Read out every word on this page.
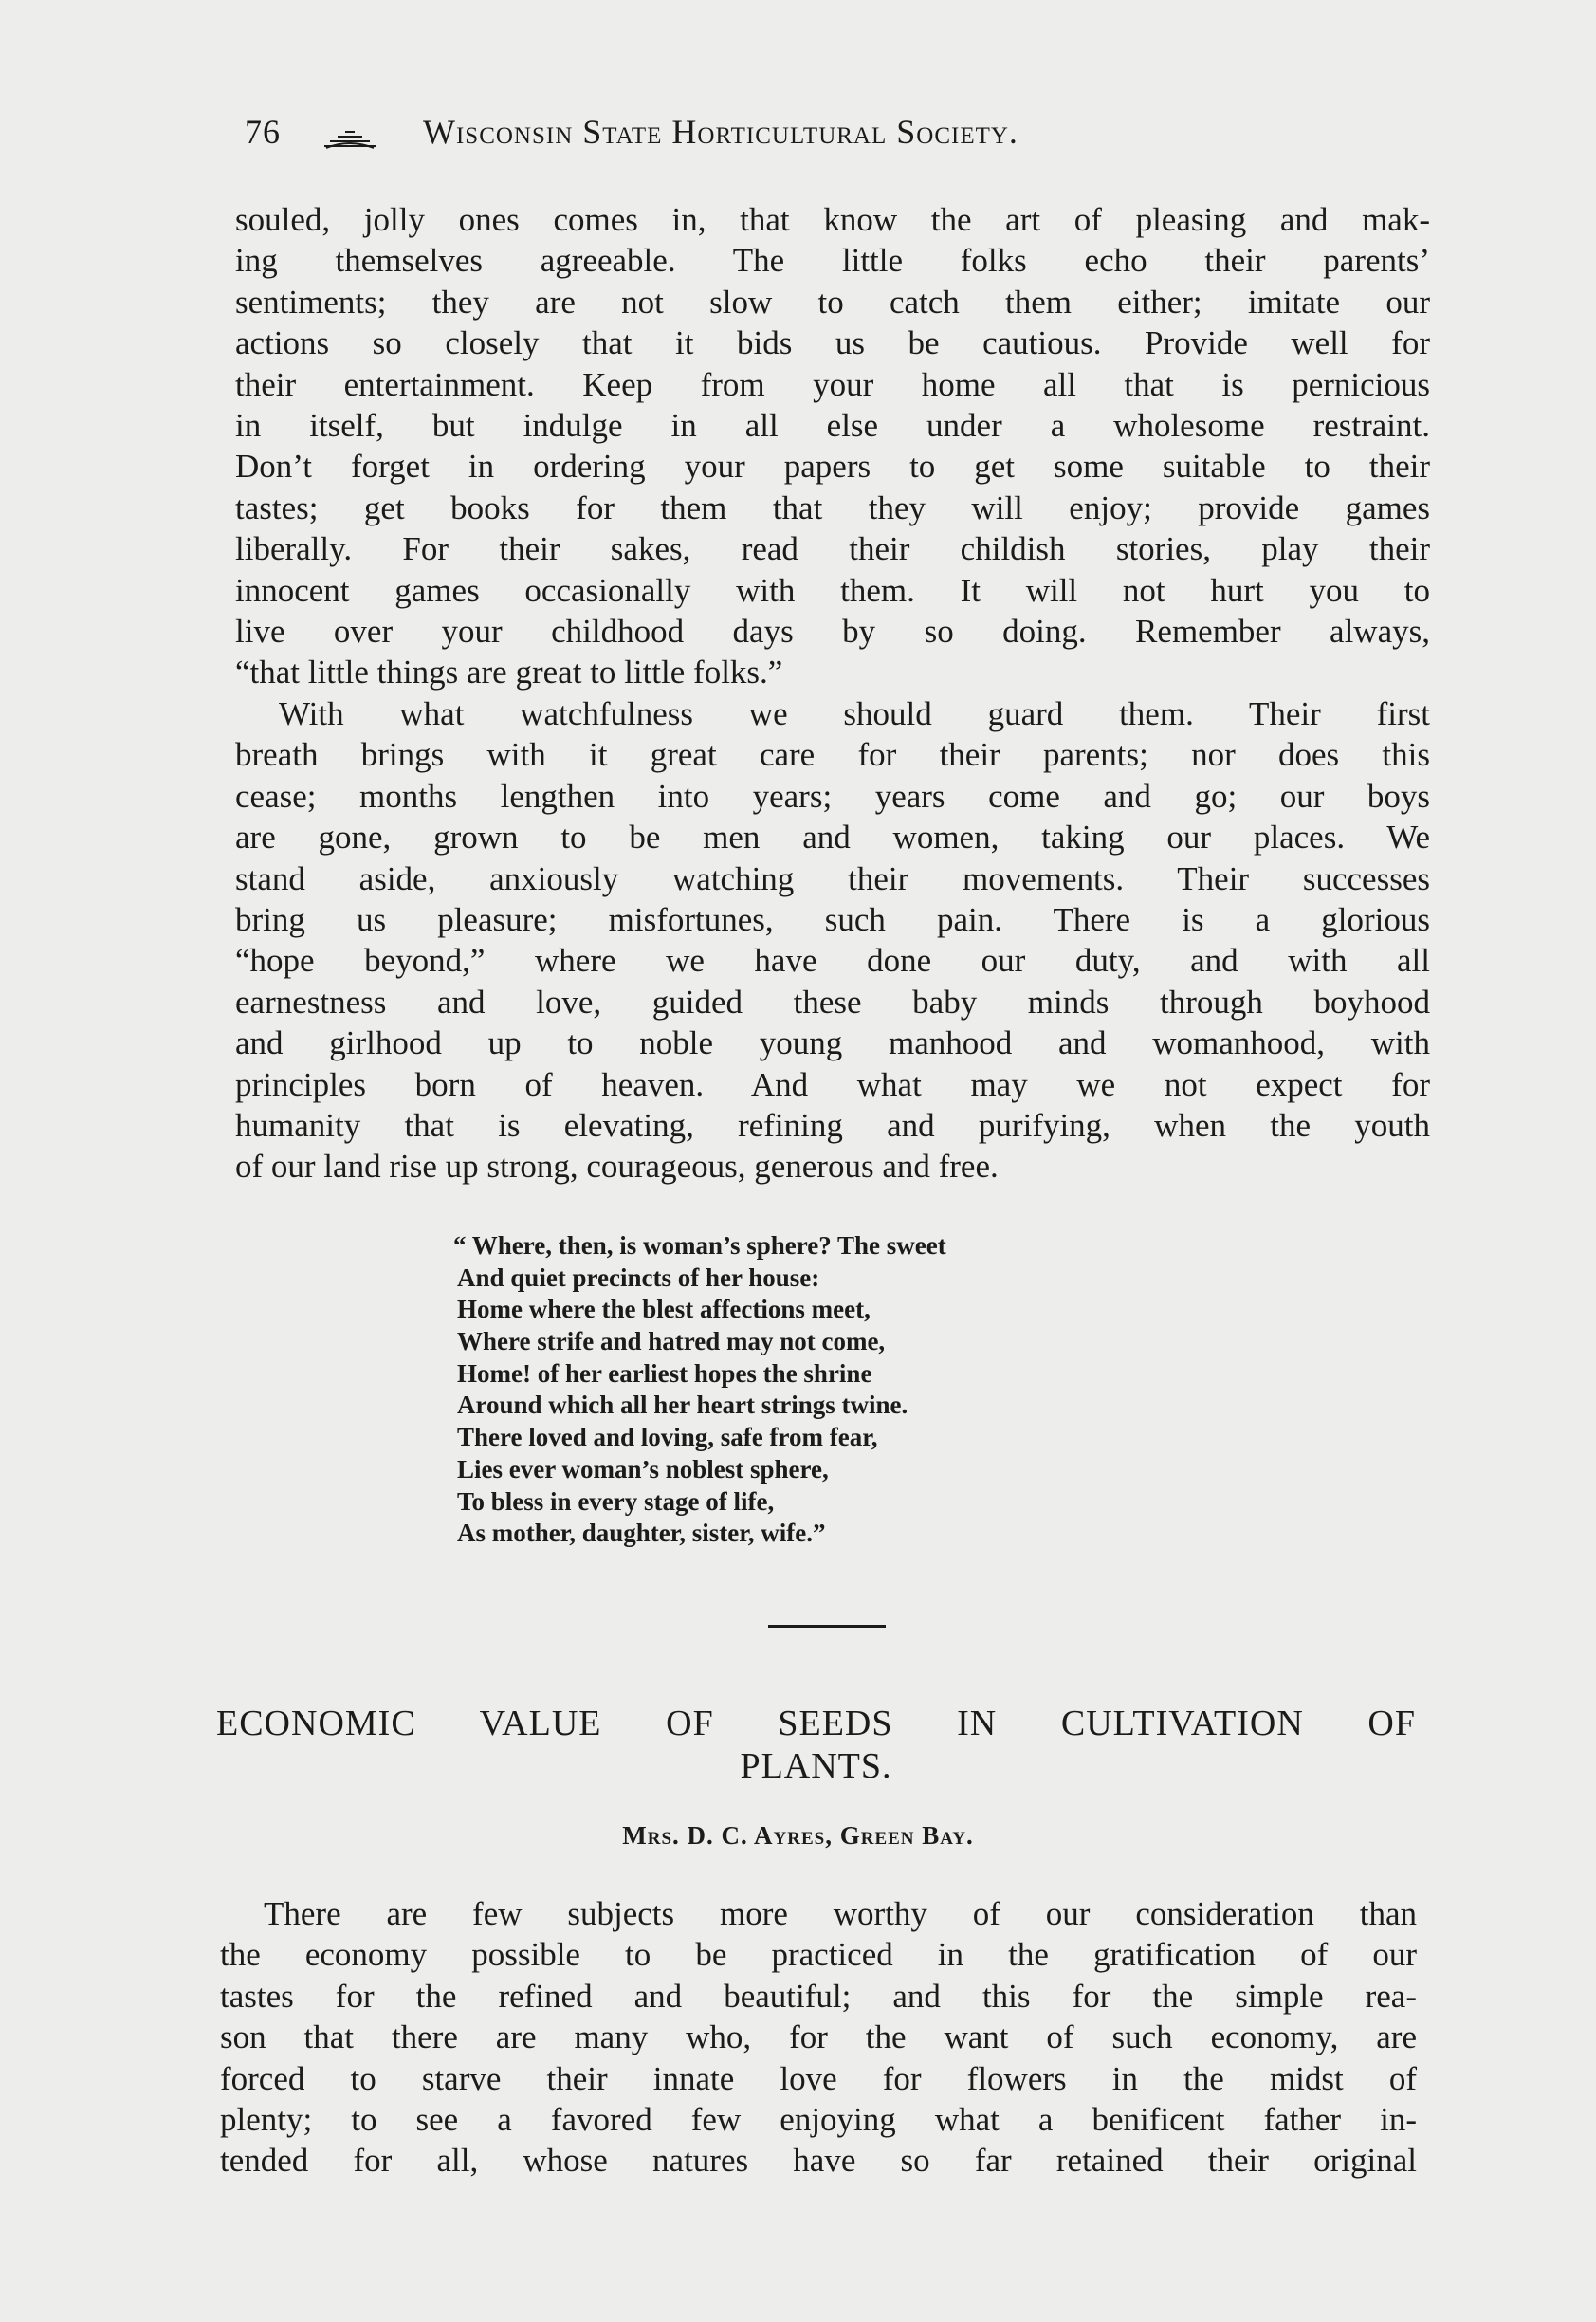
76	Wisconsin State Horticultural Society.
souled, jolly ones comes in, that know the art of pleasing and mak-
ing themselves agreeable. The little folks echo their parents’
sentiments; they are not slow to catch them either; imitate our
actions so closely that it bids us be cautious. Provide well for
their entertainment. Keep from your home all that is pernicious
in itself, but indulge in all else under a wholesome restraint.
Don’t forget in ordering your papers to get some suitable to their
tastes; get books for them that they will enjoy; provide games
liberally. For their sakes, read their childish stories, play their
innocent games occasionally with them. It will not hurt you to
live over your childhood days by so doing. Remember always,
“that little things are great to little folks.”
With what watchfulness we should guard them. Their first
breath brings with it great care for their parents; nor does this
cease; months lengthen into years; years come and go; our boys
are gone, grown to be men and women, taking our places. We
stand aside, anxiously watching their movements. Their successes
bring us pleasure; misfortunes, such pain. There is a glorious
“hope beyond,” where we have done our duty, and with all
earnestness and love, guided these baby minds through boyhood
and girlhood up to noble young manhood and womanhood, with
principles born of heaven. And what may we not expect for
humanity that is elevating, refining and purifying, when the youth
of our land rise up strong, courageous, generous and free.
“ Where, then, is woman’s sphere? The sweet
And quiet precincts of her house:
Home where the blest affections meet,
Where strife and hatred may not come,
Home! of her earliest hopes the shrine
Around which all her heart strings twine.
There loved and loving, safe from fear,
Lies ever woman’s noblest sphere,
To bless in every stage of life,
As mother, daughter, sister, wife.”
ECONOMIC VALUE OF SEEDS IN CULTIVATION OF
PLANTS.
Mrs. D. C. Ayres, Green Bay.
There are few subjects more worthy of our consideration than
the economy possible to be practiced in the gratification of our
tastes for the refined and beautiful; and this for the simple rea-
son that there are many who, for the want of such economy, are
forced to starve their innate love for flowers in the midst of
plenty; to see a favored few enjoying what a benificent father in-
tended for all, whose natures have so far retained their original
